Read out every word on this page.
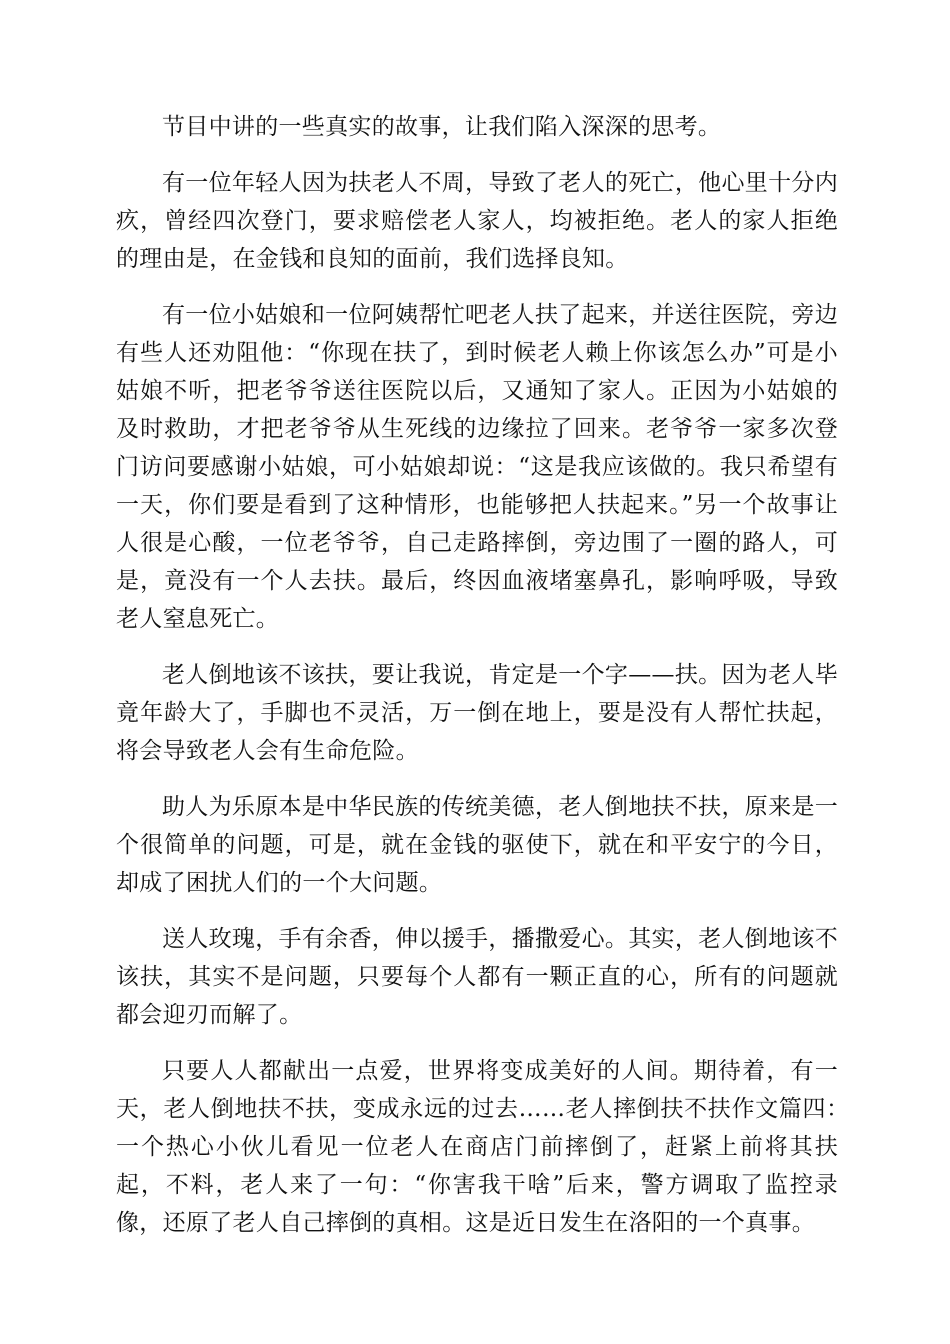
节目中讲的一些真实的故事，让我们陷入深深的思考。

有一位年轻人因为扶老人不周，导致了老人的死亡，他心里十分内疚，曾经四次登门，要求赔偿老人家人，均被拒绝。老人的家人拒绝的理由是，在金钱和良知的面前，我们选择良知。

有一位小姑娘和一位阿姨帮忙吧老人扶了起来，并送往医院，旁边有些人还劝阻他：“你现在扶了，到时候老人赖上你该怎么办”可是小姑娘不听，把老爷爷送往医院以后，又通知了家人。正因为小姑娘的及时救助，才把老爷爷从生死线的边缘拉了回来。老爷爷一家多次登门访问要感谢小姑娘，可小姑娘却说：“这是我应该做的。我只希望有一天，你们要是看到了这种情形，也能够把人扶起来。”另一个故事让人很是心酸，一位老爷爷，自己走路摔倒，旁边围了一圈的路人，可是，竟没有一个人去扶。最后，终因血液堵塞鼻孔，影响呼吸，导致老人窒息死亡。

老人倒地该不该扶，要让我说，肯定是一个字——扶。因为老人毕竟年龄大了，手脚也不灵活，万一倒在地上，要是没有人帮忙扶起，将会导致老人会有生命危险。

助人为乐原本是中华民族的传统美德，老人倒地扶不扶，原来是一个很简单的问题，可是，就在金钱的驱使下，就在和平安宁的今日，却成了困扰人们的一个大问题。

送人玫瑰，手有余香，伸以援手，播撒爱心。其实，老人倒地该不该扶，其实不是问题，只要每个人都有一颗正直的心，所有的问题就都会迎刃而解了。

只要人人都献出一点爱，世界将变成美好的人间。期待着，有一天，老人倒地扶不扶，变成永远的过去……老人摔倒扶不扶作文篇四：　一个热心小伙儿看见一位老人在商店门前摔倒了，赶紧上前将其扶起，不料，老人来了一句：“你害我干啥”后来，警方调取了监控录像，还原了老人自己摔倒的真相。这是近日发生在洛阳的一个真事。
